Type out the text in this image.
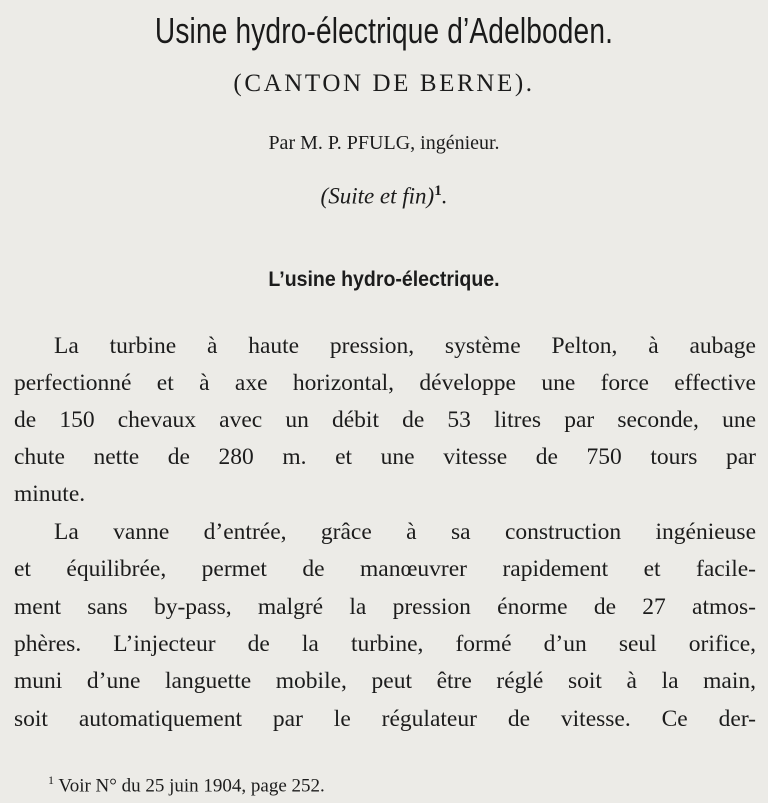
Usine hydro-électrique d’Adelboden.
(CANTON DE BERNE).
Par M. P. PFULG, ingénieur.
(Suite et fin)$^1$.
L’usine hydro-électrique.
La turbine à haute pression, système Pelton, à aubage
perfectionné et à axe horizontal, développe une force effective
de 150 chevaux avec un débit de 53 litres par seconde, une
chute nette de 280 m. et une vitesse de 750 tours par
minute.
La vanne d’entrée, grâce à sa construction ingénieuse
et équilibrée, permet de manœuvrer rapidement et facile-
ment sans by-pass, malgré la pression énorme de 27 atmos-
phères. L’injecteur de la turbine, formé d’un seul orifice,
muni d’une languette mobile, peut être réglé soit à la main,
soit automatiquement par le régulateur de vitesse. Ce der-
$^1$ Voir N° du 25 juin 1904, page 252.
